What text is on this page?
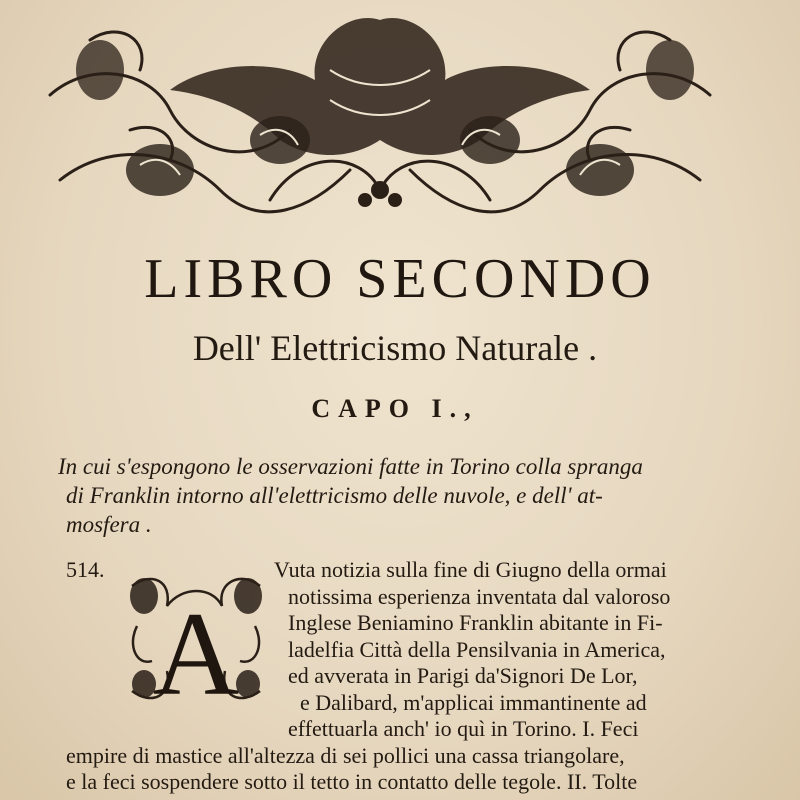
LIBRO SECONDO
Dell' Elettricismo Naturale .
CAPO I.,

In cui s'espongono le osservazioni fatte in Torino colla spranga
di Franklin intorno all'elettricismo delle nuvole, e dell' at-
mosfera .

514.
A
Vuta notizia sulla fine di Giugno della ormai
notissima esperienza inventata dal valoroso
Inglese Beniamino Franklin abitante in Fi-
ladelfia Città della Pensilvania in America,
ed avverata in Parigi da'Signori De Lor,
e Dalibard, m'applicai immantinente ad
effettuarla anch' io quì in Torino. I. Feci
empire di mastice all'altezza di sei pollici una cassa triangolare,
e la feci sospendere sotto il tetto in contatto delle tegole. II. Tolte
